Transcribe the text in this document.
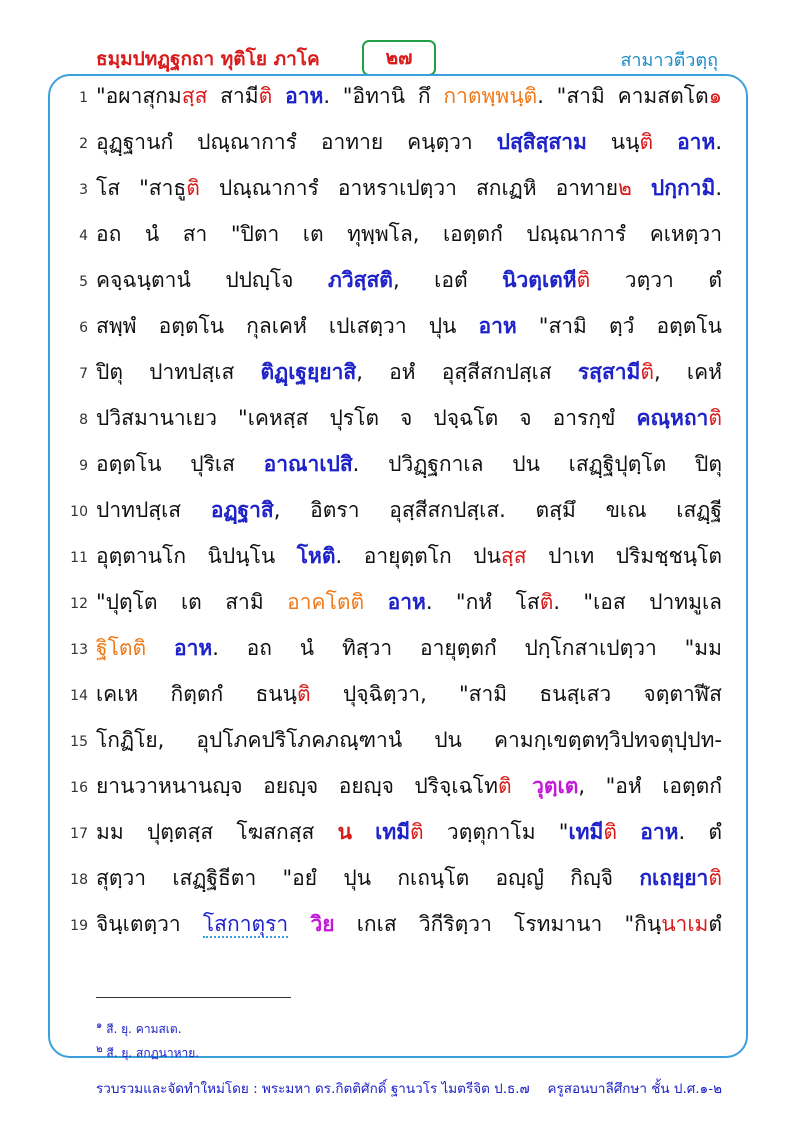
ธมฺมปทฏฺฐกถา ทุติโย ภาโค	๒๗	สามาวตีวตฺถุ
1 "อผาสุกมสฺส สามีติ อาห. "อิทานิ กึ กาตพฺพนฺติ. "สามิ คามสตโต๑
2 อุฏฺฐานกํ ปณฺณาการํ อาทาย คนฺตฺวา ปสฺสิสฺสาม นนฺติ อาห.
3 โส "สาธูติ ปณฺณาการํ อาหราเปตฺวา สกเฏหิ อาทาย๒ ปกฺกามิ.
4 อถ นํ สา "ปิตา เต ทุพฺพโล, เอตฺตกํ ปณฺณาการํ คเหตฺวา
5 คจฺฉนฺตานํ ปปญฺโจ ภวิสฺสติ, เอตํ นิวตฺเตหีติ วตฺวา ตํ
6 สพฺพํ อตฺตโน กุลเคหํ เปเสตฺวา ปุน อาห "สามิ ตฺวํ อตฺตโน
7 ปิตุ ปาทปสฺเส ติฏฺเฐยฺยาสิ, อหํ อุสฺสีสกปสฺเส รสฺสามีติ, เคหํ
8 ปวิสมานาเยว "เคหสฺส ปุรโต จ ปจฺฉโต จ อารกฺขํ คณฺหถาติ
9 อตฺตโน ปุริเส อาณาเปสิ. ปวิฏฺฐกาเล ปน เสฏฺฐิปุตฺโต ปิตุ
10 ปาทปสฺเส อฏฺฐาสิ, อิตรา อุสฺสีสกปสฺเส. ตสฺมึ ขเณ เสฏฺฐี
11 อุตฺตานโก นิปนฺโน โหติ. อายุตฺตโก ปนสฺส ปาเท ปริมชฺชนฺโต
12 "ปุตฺโต เต สามิ อาคโตติ อาห. "กหํ โสติ. "เอส ปาทมูเล
13 ฐิโตติ อาห. อถ นํ ทิสฺวา อายุตฺตกํ ปกฺโกสาเปตฺวา "มม
14 เคเห กิตฺตกํ ธนนฺติ ปุจฺฉิตฺวา, "สามิ ธนสฺเสว จตฺตาฬีส
15 โกฏิโย, อุปโภคปริโภคภณฺฑานํ ปน คามกฺเขตฺตทฺวิปทจตุปฺปท-
16 ยานวาหนานญฺจ อยญฺจ อยญฺจ ปริจฺเฉโทติ วุตฺเต, "อหํ เอตฺตกํ
17 มม ปุตฺตสฺส โฆสกสฺส น เทมีติ วตฺตุกาโม "เทมีติ อาห. ตํ
18 สุตฺวา เสฏฺฐิธีตา "อยํ ปุน กเถนฺโต อญฺญํ กิญฺจิ กเถยฺยาติ
19 จินฺเตตฺวา โสกาตุรา วิย เกเส วิกีริตฺวา โรทมานา "กินฺนาเมตํ
$^๑$ สี. ยุ. คามสเต.
$^๒$ สี. ยุ. สกฏนาหาย.
รวบรวมและจัดทำใหม่โดย : พระมหา ดร.กิตติศักดิ์ ฐานวโร ไมตรีจิต ป.ธ.๗ ครูสอนบาลีศึกษา ชั้น ป.ศ.๑-๒
